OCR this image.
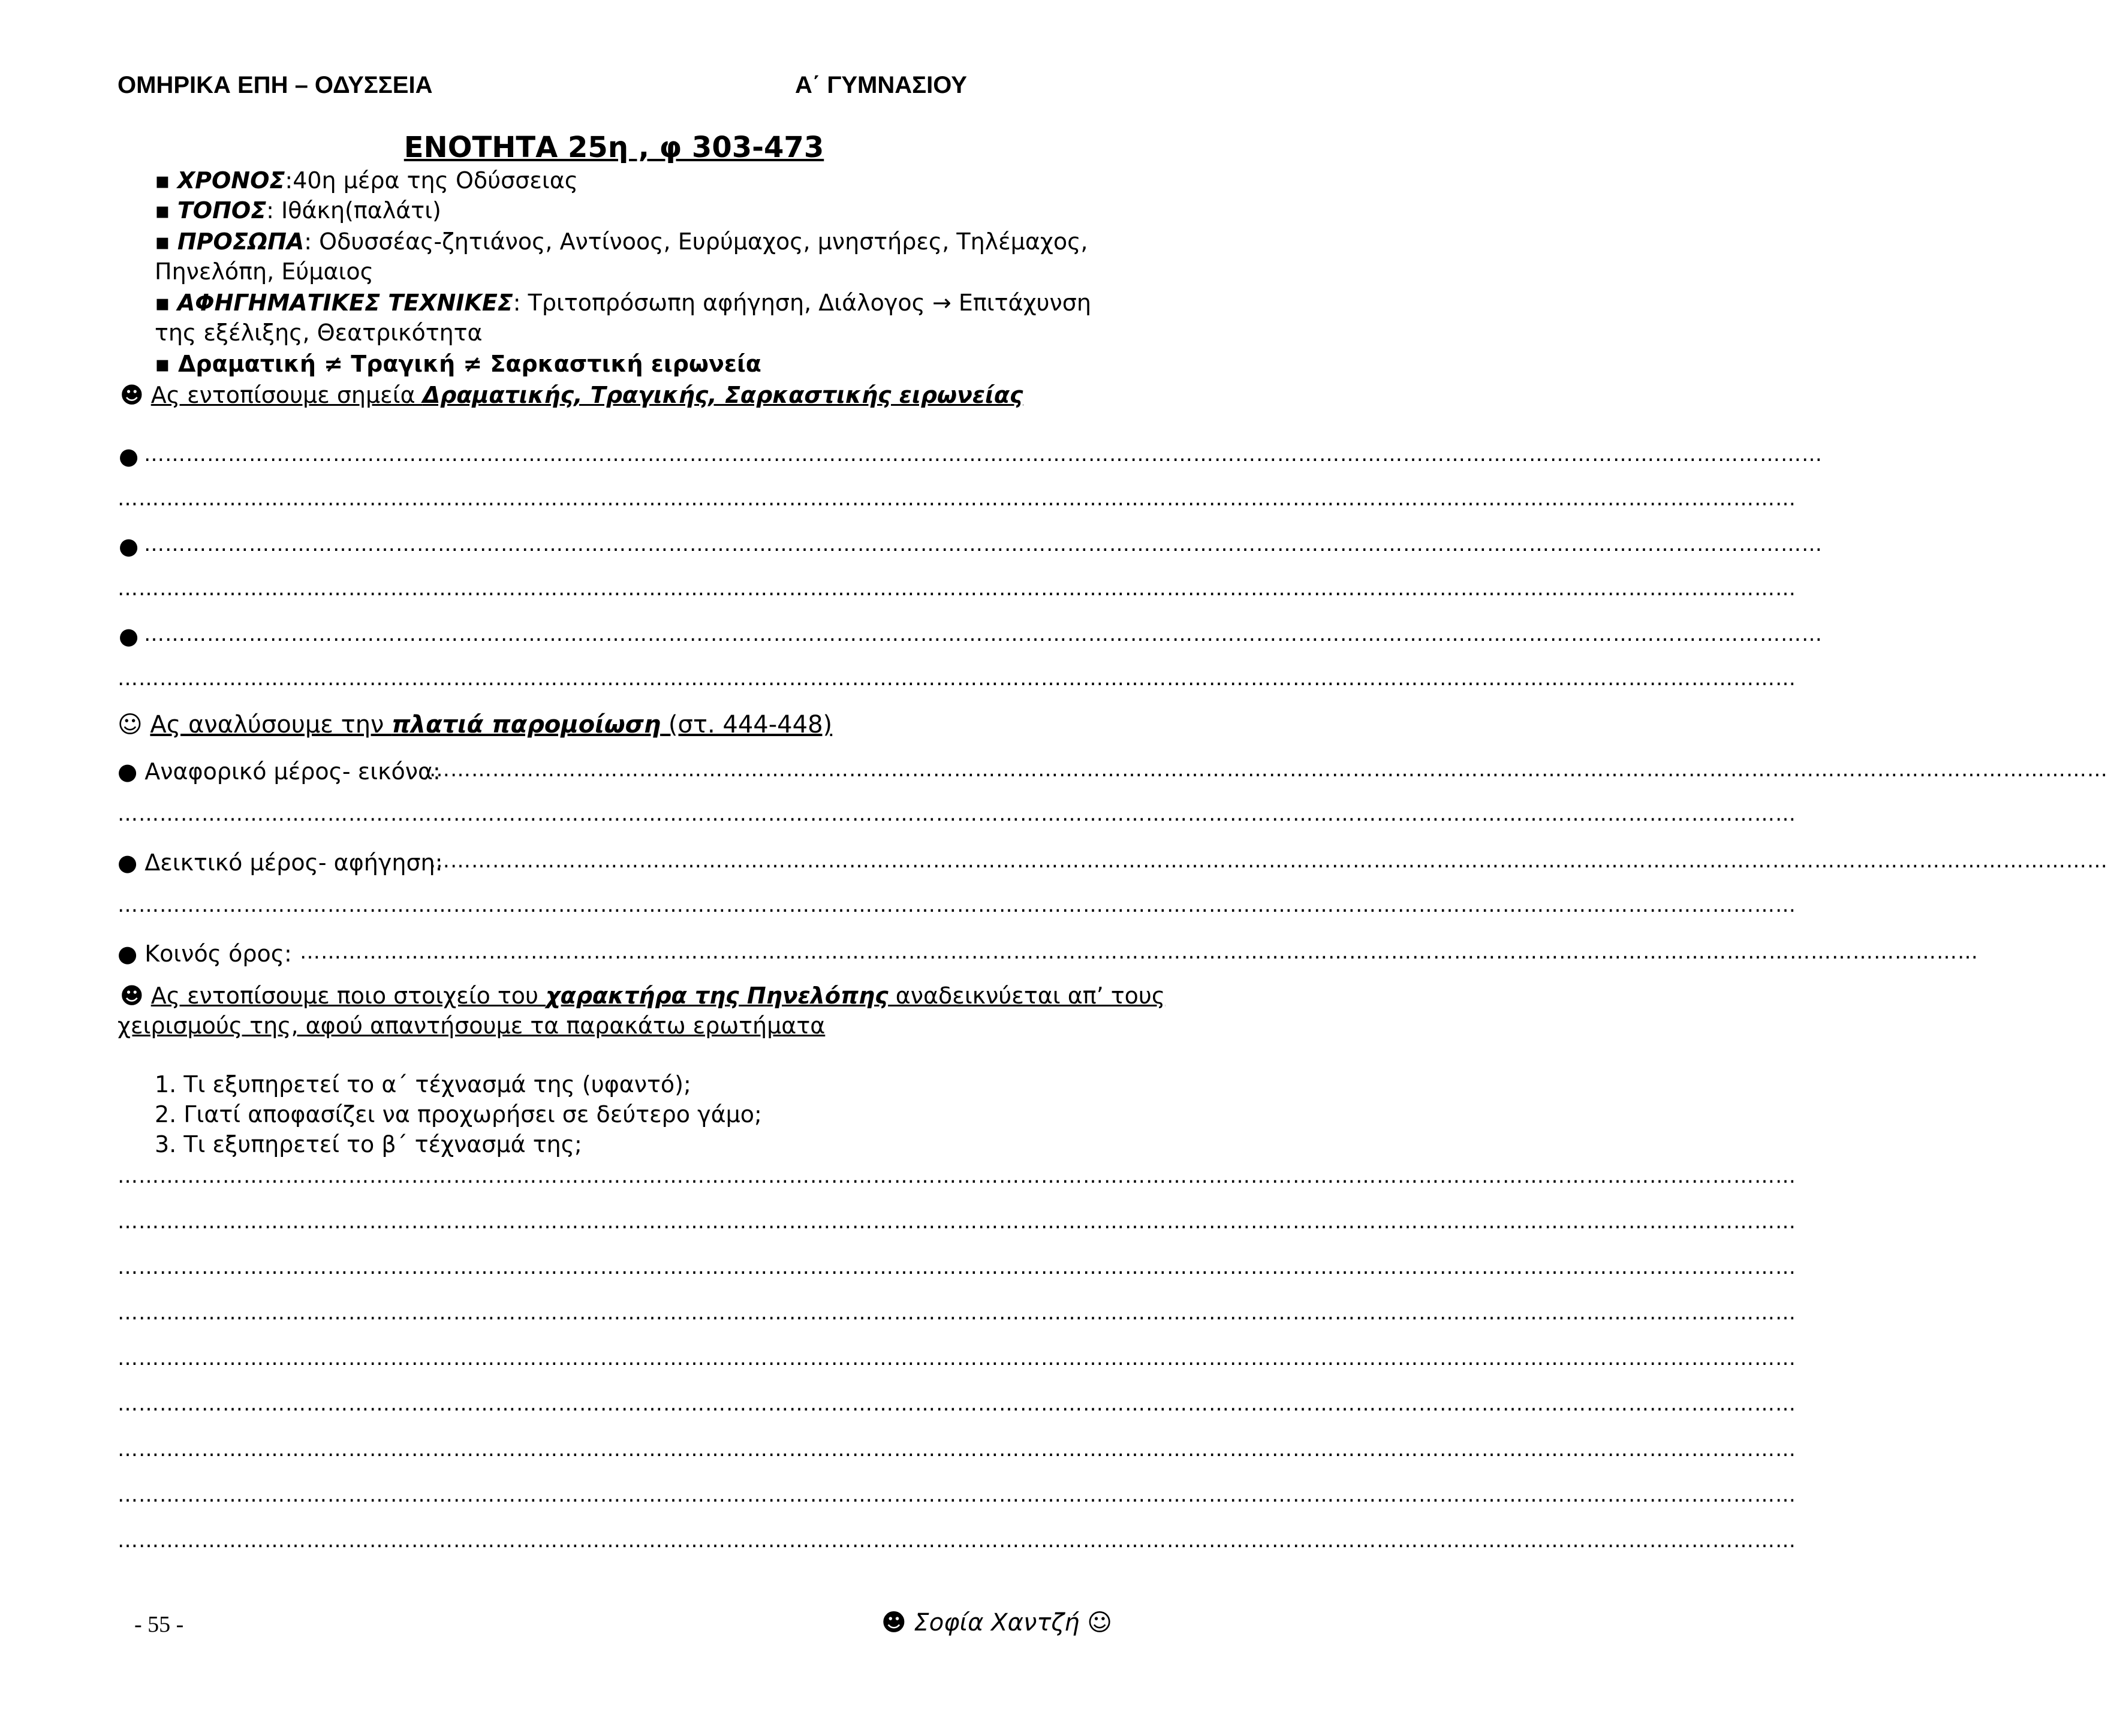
ΟΜΗΡΙΚΑ ΕΠΗ – ΟΔΥΣΣΕΙΑ	Α΄ ΓΥΜΝΑΣΙΟΥ
ΕΝΟΤΗΤΑ 25η , φ 303-473
▪ ΧΡΟΝΟΣ:40η μέρα της Οδύσσειας
▪ ΤΟΠΟΣ: Ιθάκη(παλάτι)
▪ ΠΡΟΣΩΠΑ: Οδυσσέας-ζητιάνος, Αντίνοος, Ευρύμαχος, μνηστήρες, Τηλέμαχος,
Πηνελόπη, Εύμαιος
▪ ΑΦΗΓΗΜΑΤΙΚΕΣ ΤΕΧΝΙΚΕΣ: Τριτοπρόσωπη αφήγηση, Διάλογος → Επιτάχυνση
της εξέλιξης, Θεατρικότητα
▪ Δραματική ≠ Τραγική ≠ Σαρκαστική ειρωνεία
☻ Ας εντοπίσουμε σημεία Δραματικής, Τραγικής, Σαρκαστικής ειρωνείας
● ……………………………………………………………………………………………………………………………………………………………………………………………………………………
……………………………………………………………………………………………………………………………………………………………………………………………………………………
● ……………………………………………………………………………………………………………………………………………………………………………………………………………………
……………………………………………………………………………………………………………………………………………………………………………………………………………………
● ……………………………………………………………………………………………………………………………………………………………………………………………………………………
……………………………………………………………………………………………………………………………………………………………………………………………………………………
☺ Ας αναλύσουμε την πλατιά παρομοίωση (στ. 444-448)
● Αναφορικό μέρος- εικόνα:
……………………………………………………………………………………………………………………………………………………………………………………………………………………
……………………………………………………………………………………………………………………………………………………………………………………………………………………
● Δεικτικό μέρος- αφήγηση:
……………………………………………………………………………………………………………………………………………………………………………………………………………………
……………………………………………………………………………………………………………………………………………………………………………………………………………………
● Κοινός όρος: ……………………………………………………………………………………………………………………………………………………………………………………………………………………
☻ Ας εντοπίσουμε ποιο στοιχείο του χαρακτήρα της Πηνελόπης αναδεικνύεται απ’ τους
χειρισμούς της, αφού απαντήσουμε τα παρακάτω ερωτήματα
1. Τι εξυπηρετεί το α΄ τέχνασμά της (υφαντό);
2. Γιατί αποφασίζει να προχωρήσει σε δεύτερο γάμο;
3. Τι εξυπηρετεί το β΄ τέχνασμά της;
……………………………………………………………………………………………………………………………………………………………………………………………………………………
……………………………………………………………………………………………………………………………………………………………………………………………………………………
……………………………………………………………………………………………………………………………………………………………………………………………………………………
……………………………………………………………………………………………………………………………………………………………………………………………………………………
……………………………………………………………………………………………………………………………………………………………………………………………………………………
……………………………………………………………………………………………………………………………………………………………………………………………………………………
……………………………………………………………………………………………………………………………………………………………………………………………………………………
……………………………………………………………………………………………………………………………………………………………………………………………………………………
……………………………………………………………………………………………………………………………………………………………………………………………………………………
- 55 -	☻ Σοφία Χαντζή ☺
